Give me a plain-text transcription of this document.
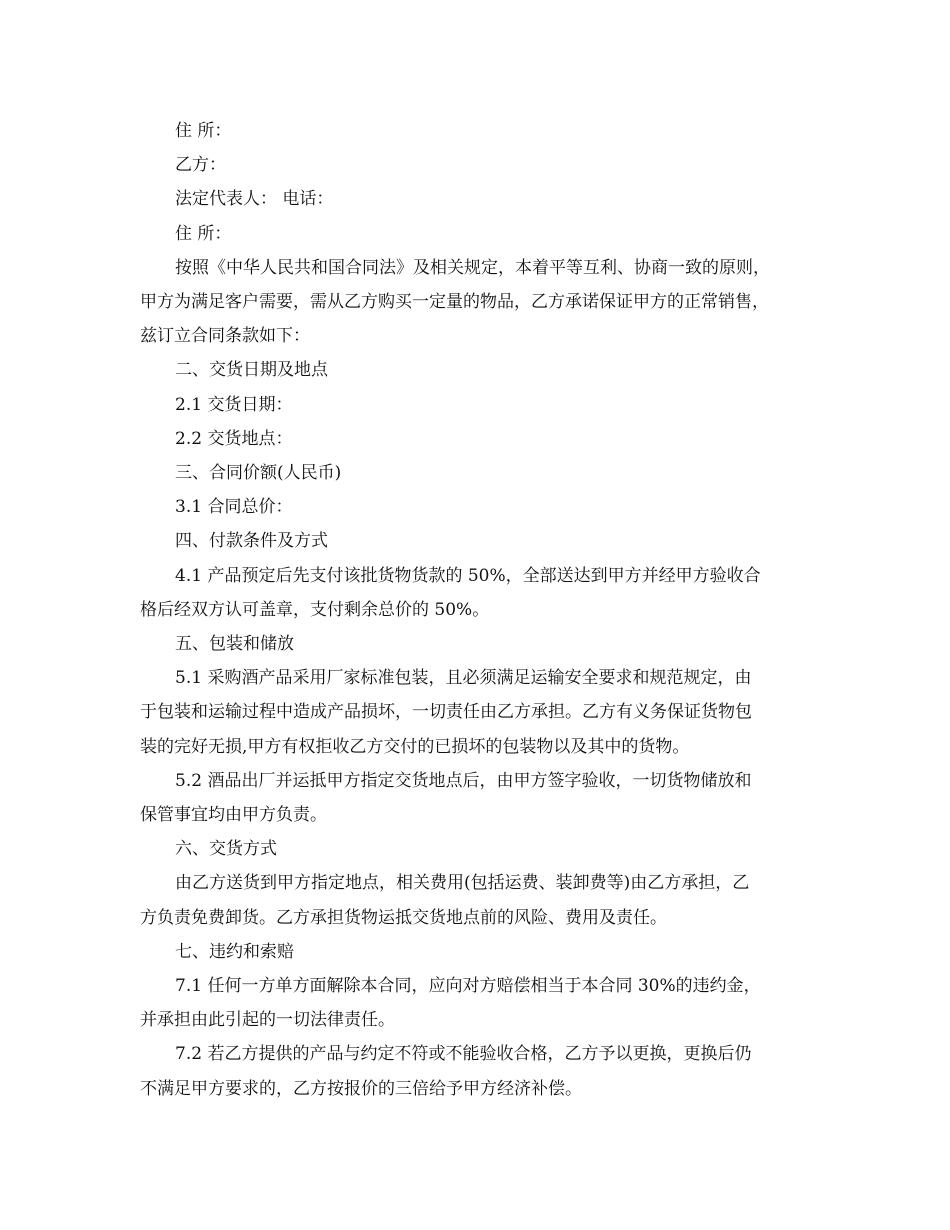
住 所：
乙方：
法定代表人： 电话：
住 所：
按照《中华人民共和国合同法》及相关规定，本着平等互利、协商一致的原则，
甲方为满足客户需要，需从乙方购买一定量的物品，乙方承诺保证甲方的正常销售，
兹订立合同条款如下：
二、交货日期及地点
2.1 交货日期：
2.2 交货地点：
三、合同价额(人民币)
3.1 合同总价：
四、付款条件及方式
4.1 产品预定后先支付该批货物货款的 50%，全部送达到甲方并经甲方验收合
格后经双方认可盖章，支付剩余总价的 50%。
五、包装和储放
5.1 采购酒产品采用厂家标准包装，且必须满足运输安全要求和规范规定，由
于包装和运输过程中造成产品损坏，一切责任由乙方承担。乙方有义务保证货物包
装的完好无损,甲方有权拒收乙方交付的已损坏的包装物以及其中的货物。
5.2 酒品出厂并运抵甲方指定交货地点后，由甲方签字验收，一切货物储放和
保管事宜均由甲方负责。
六、交货方式
由乙方送货到甲方指定地点，相关费用(包括运费、装卸费等)由乙方承担，乙
方负责免费卸货。乙方承担货物运抵交货地点前的风险、费用及责任。
七、违约和索赔
7.1 任何一方单方面解除本合同，应向对方赔偿相当于本合同 30%的违约金，
并承担由此引起的一切法律责任。
7.2 若乙方提供的产品与约定不符或不能验收合格，乙方予以更换，更换后仍
不满足甲方要求的，乙方按报价的三倍给予甲方经济补偿。
